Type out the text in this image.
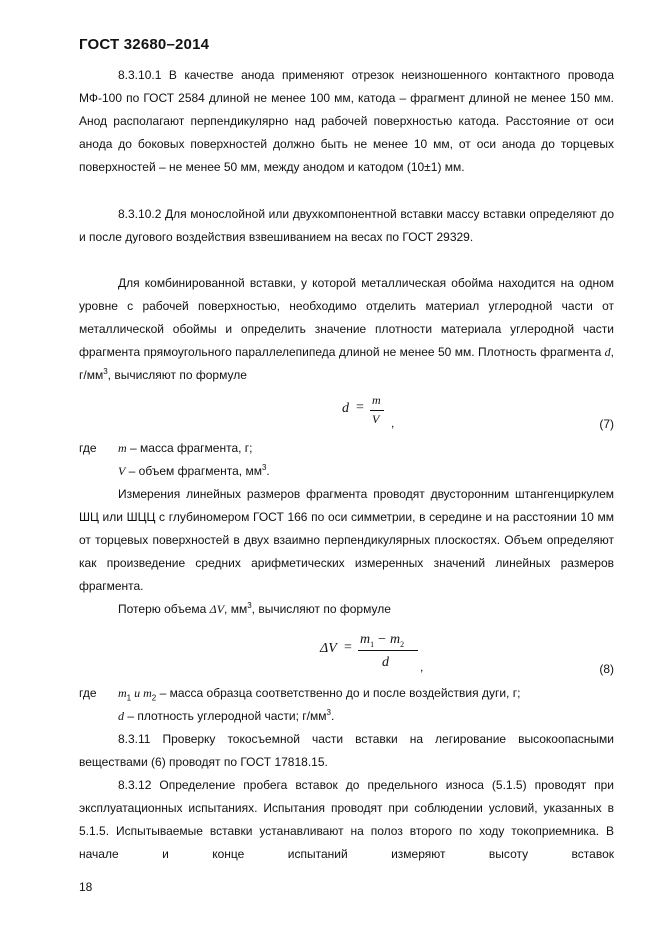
ГОСТ 32680–2014
8.3.10.1 В качестве анода применяют отрезок неизношенного контактного провода МФ-100 по ГОСТ 2584 длиной не менее 100 мм, катода – фрагмент длиной не менее 150 мм. Анод располагают перпендикулярно над рабочей поверхностью катода. Расстояние от оси анода до боковых поверхностей должно быть не менее 10 мм, от оси анода до торцевых поверхностей – не менее 50 мм, между анодом и катодом (10±1) мм.
8.3.10.2 Для монослойной или двухкомпонентной вставки массу вставки определяют до и после дугового воздействия взвешиванием на весах по ГОСТ 29329.
Для комбинированной вставки, у которой металлическая обойма находится на одном уровне с рабочей поверхностью, необходимо отделить материал углеродной части от металлической обоймы и определить значение плотности материала углеродной части фрагмента прямоугольного параллелепипеда длиной не менее 50 мм. Плотность фрагмента d, $г/мм^3$, вычисляют по формуле
d = m
V ,	(7)
где m – масса фрагмента, г;
V – объем фрагмента, $мм^3$.
Измерения линейных размеров фрагмента проводят двусторонним штангенциркулем ШЦ или ШЦЦ с глубиномером ГОСТ 166 по оси симметрии, в середине и на расстоянии 10 мм от торцевых поверхностей в двух взаимно перпендикулярных плоскостях. Объем определяют как произведение средних арифметических измеренных значений линейных размеров фрагмента.
Потерю объема ΔV, $мм^3$, вычисляют по формуле
ΔV =
$m_1 - m_2$
d	,	(8)
где $m_1$ и $m_2$ – масса образца соответственно до и после воздействия дуги, г;
d – плотность углеродной части; $г/мм^3$.
8.3.11 Проверку токосъемной части вставки на легирование высокоопасными веществами (6) проводят по ГОСТ 17818.15.
8.3.12 Определение пробега вставок до предельного износа (5.1.5) проводят при эксплуатационных испытаниях. Испытания проводят при соблюдении условий, указанных в 5.1.5. Испытываемые вставки устанавливают на полоз второго по ходу токоприемника. В начале и конце испытаний измеряют высоту вставок
18
